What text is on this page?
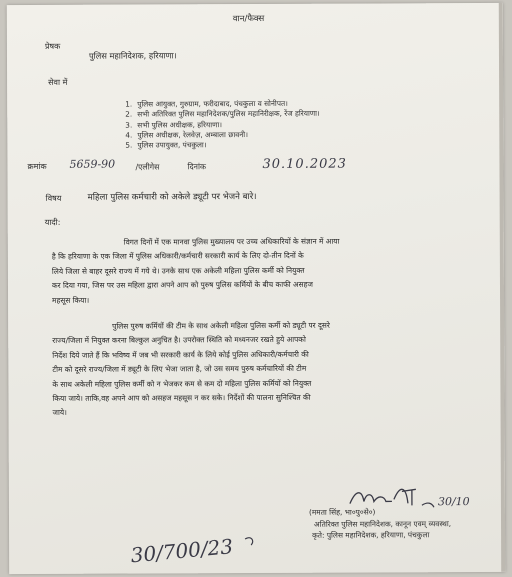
वान/फैक्स
प्रेषक
पुलिस महानिदेशक, हरियाणा।
सेवा में
1. पुलिस आयुक्त, गुरुग्राम, फरीदाबाद, पंचकुला व सोनीपत।
2. सभी अतिरिक्त पुलिस महानिदेशक/पुलिस महानिरीक्षक, रेंज हरियाणा।
3. सभी पुलिस अधीक्षक, हरियाणा।
4. पुलिस अधीक्षक, रेलवेज़, अम्बाला छावनी।
5. पुलिस उपायुक्त, पंचकुला।
क्रमांक 5659-90	/एलीगेस	दिनांक	30.10.2023
विषय	महिला पुलिस कर्मचारी को अकेले ड्यूटी पर भेजने बारे।
यादी:

विगत दिनों में एक मानवा पुलिस मुख्यालय पर उच्च अधिकारियों के संज्ञान में आया
है कि हरियाणा के एक जिला में पुलिस अधिकारी/कर्मचारी सरकारी कार्य के लिए दो-तीन दिनों के
लिये जिला से बाहर दूसरे राज्य में गये थे। उनके साथ एक अकेली महिला पुलिस कर्मी को नियुक्त
कर दिया गया, जिस पर उस महिला द्वारा अपने आप को पुरुष पुलिस कर्मियों के बीच काफी असहज
महसूस किया।

पुलिस पुरुष कर्मियों की टीम के साथ अकेली महिला पुलिस कर्मी को ड्यूटी पर दूसरे
राज्य/जिला में नियुक्त करना बिल्कुल अनुचित है। उपरोक्त स्थिति को मध्यनजर रखते हुये आपको
निर्देश दिये जाते हैं कि भविष्य में जब भी सरकारी कार्य के लिये कोई पुलिस अधिकारी/कर्मचारी की
टीम को दूसरे राज्य/जिला में ड्यूटी के लिए भेजा जाता है, जो उस समय पुरुष कर्मचारियों की टीम
के साथ अकेली महिला पुलिस कर्मी को न भेजकर कम से कम दो महिला पुलिस कर्मियों को नियुक्त
किया जाये। ताकि,वह अपने आप को असहज महसूस न कर सके। निर्देशों की पालना सुनिश्चित की
जाये।

30/10
(ममता सिंह, भा०पु०से०)
अतिरिक्त पुलिस महानिदेशक, कानून एवम् व्यवस्था,
कृते: पुलिस महानिदेशक, हरियाणा, पंचकुला
30/700/23
